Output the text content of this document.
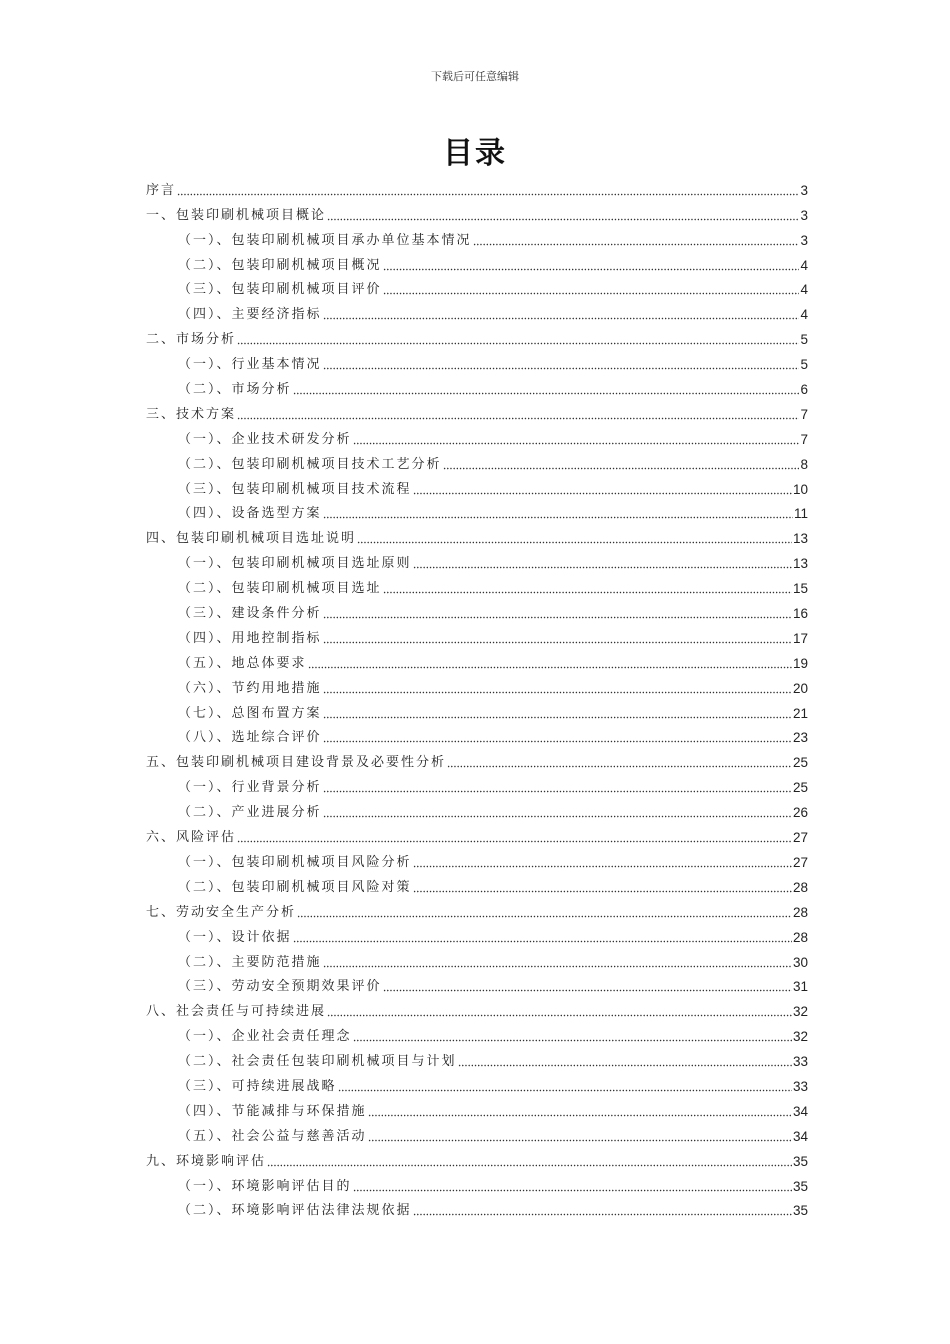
下载后可任意编辑
目录
序言	3
一、包装印刷机械项目概论	3
（一）、包装印刷机械项目承办单位基本情况	3
（二）、包装印刷机械项目概况	4
（三）、包装印刷机械项目评价	4
（四）、主要经济指标	4
二、市场分析	5
（一）、行业基本情况	5
（二）、市场分析	6
三、技术方案	7
（一）、企业技术研发分析	7
（二）、包装印刷机械项目技术工艺分析	8
（三）、包装印刷机械项目技术流程	10
（四）、设备选型方案	11
四、包装印刷机械项目选址说明	13
（一）、包装印刷机械项目选址原则	13
（二）、包装印刷机械项目选址	15
（三）、建设条件分析	16
（四）、用地控制指标	17
（五）、地总体要求	19
（六）、节约用地措施	20
（七）、总图布置方案	21
（八）、选址综合评价	23
五、包装印刷机械项目建设背景及必要性分析	25
（一）、行业背景分析	25
（二）、产业进展分析	26
六、风险评估	27
（一）、包装印刷机械项目风险分析	27
（二）、包装印刷机械项目风险对策	28
七、劳动安全生产分析	28
（一）、设计依据	28
（二）、主要防范措施	30
（三）、劳动安全预期效果评价	31
八、社会责任与可持续进展	32
（一）、企业社会责任理念	32
（二）、社会责任包装印刷机械项目与计划	33
（三）、可持续进展战略	33
（四）、节能减排与环保措施	34
（五）、社会公益与慈善活动	34
九、环境影响评估	35
（一）、环境影响评估目的	35
（二）、环境影响评估法律法规依据	35
